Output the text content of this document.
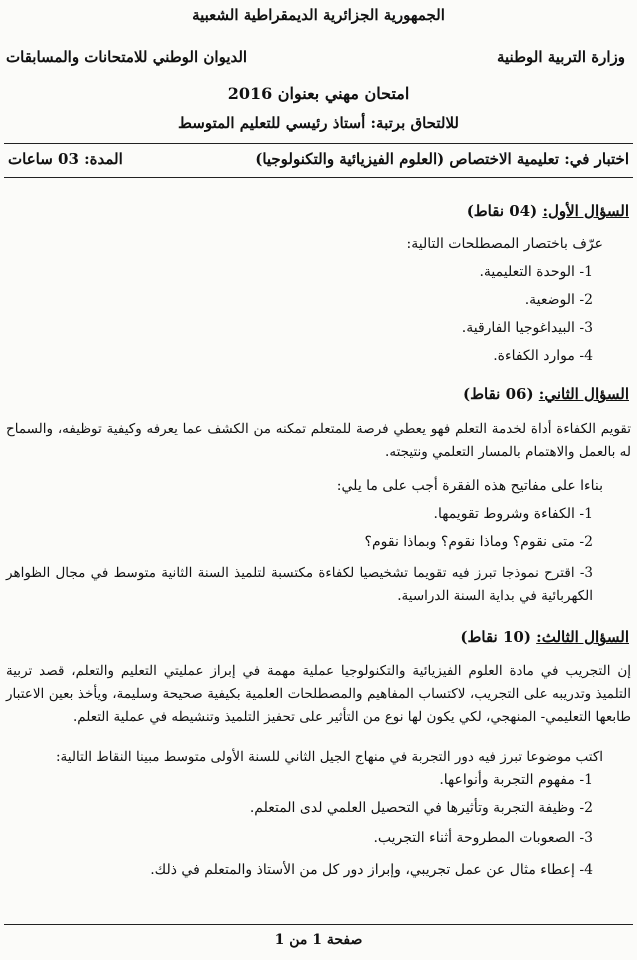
الجمهورية الجزائرية الديمقراطية الشعبية
وزارة التربية الوطنية
الديوان الوطني للامتحانات والمسابقات
امتحان مهني بعنوان 2016
للالتحاق برتبة: أستاذ رئيسي للتعليم المتوسط
اختبار في: تعليمية الاختصاص (العلوم الفيزيائية والتكنولوجيا)
المدة: 03 ساعات
السؤال الأول: (04 نقاط)
عرّف باختصار المصطلحات التالية:
1- الوحدة التعليمية.
2- الوضعية.
3- البيداغوجيا الفارقية.
4- موارد الكفاءة.
السؤال الثاني: (06 نقاط)
تقويم الكفاءة أداة لخدمة التعلم فهو يعطي فرصة للمتعلم تمكنه من الكشف عما يعرفه وكيفية توظيفه، والسماح له بالعمل والاهتمام بالمسار التعلمي ونتيجته.
بناءا على مفاتيح هذه الفقرة أجب على ما يلي:
1- الكفاءة وشروط تقويمها.
2- متى نقوم؟ وماذا نقوم؟ وبماذا نقوم؟
3- اقترح نموذجا تبرز فيه تقويما تشخيصيا لكفاءة مكتسبة لتلميذ السنة الثانية متوسط في مجال الظواهر الكهربائية في بداية السنة الدراسية.
السؤال الثالث: (10 نقاط)
إن التجريب في مادة العلوم الفيزيائية والتكنولوجيا عملية مهمة في إبراز عمليتي التعليم والتعلم، قصد تربية التلميذ وتدريبه على التجريب، لاكتساب المفاهيم والمصطلحات العلمية بكيفية صحيحة وسليمة، ويأخذ بعين الاعتبار طابعها التعليمي- المنهجي، لكي يكون لها نوع من التأثير على تحفيز التلميذ وتنشيطه في عملية التعلم.
اكتب موضوعا تبرز فيه دور التجربة في منهاج الجيل الثاني للسنة الأولى متوسط مبينا النقاط التالية:
1- مفهوم التجربة وأنواعها.
2- وظيفة التجربة وتأثيرها في التحصيل العلمي لدى المتعلم.
3- الصعوبات المطروحة أثناء التجريب.
4- إعطاء مثال عن عمل تجريبي، وإبراز دور كل من الأستاذ والمتعلم في ذلك.
صفحة 1 من 1
